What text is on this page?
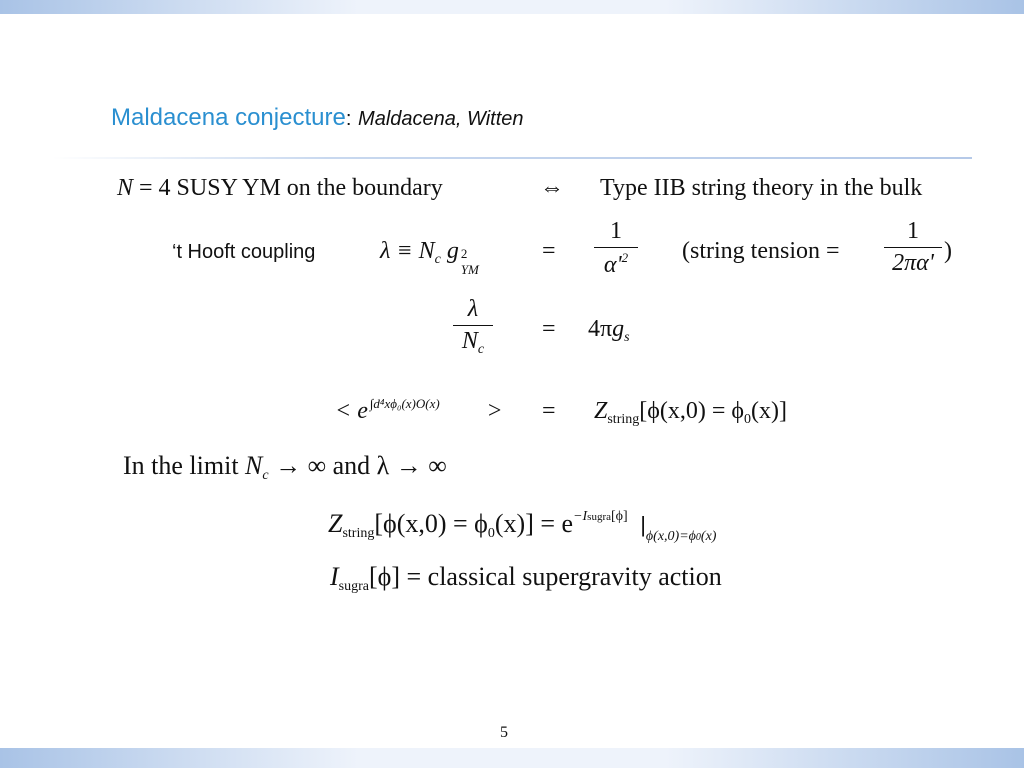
Maldacena conjecture: Maldacena, Witten
N = 4 SUSY YM on the boundary	⇔ Type IIB string theory in the bulk
‘t Hooft coupling	$\lambda \equiv N_c$ g 2
YM
=
1
$\alpha'^2$	(string tension =
1
2πα' )
λ
$N_c$
= $4\pi g_s$
< e ∫d⁴xϕ₀(x)O(x) > = $Z_{string}[\phi(x,0) = \phi_0(x)]$
In the limit $N_c$ → ∞ and λ → ∞
$Z_{string}[\phi(x,0) = \phi_0(x)] = e^{-Isugra[\phi]}$ $|_{\phi(x,0)=\phi 0(x)}$
$I_{sugra}[\phi]$ = classical supergravity action
5
